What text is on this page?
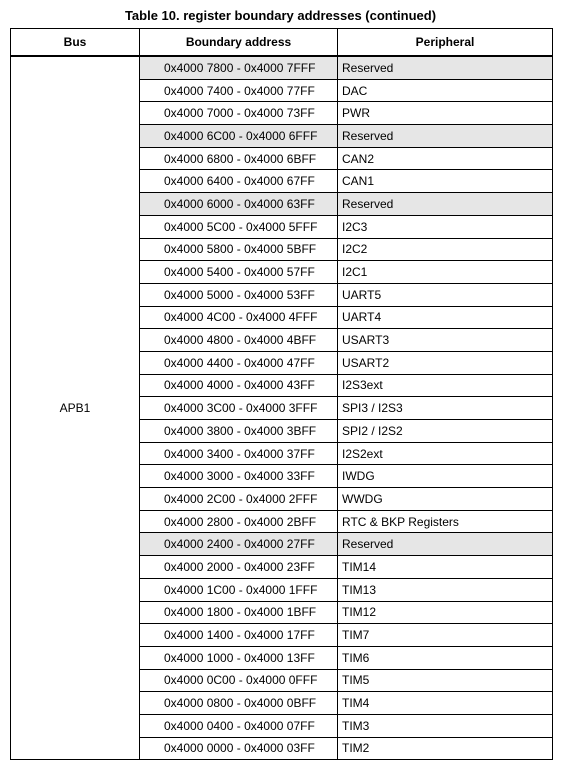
Table 10. register boundary addresses (continued)
Bus	Boundary address	Peripheral
APB1	0x4000 7800 - 0x4000 7FFF	Reserved
	0x4000 7400 - 0x4000 77FF	DAC
	0x4000 7000 - 0x4000 73FF	PWR
	0x4000 6C00 - 0x4000 6FFF	Reserved
	0x4000 6800 - 0x4000 6BFF	CAN2
	0x4000 6400 - 0x4000 67FF	CAN1
	0x4000 6000 - 0x4000 63FF	Reserved
	0x4000 5C00 - 0x4000 5FFF	I2C3
	0x4000 5800 - 0x4000 5BFF	I2C2
	0x4000 5400 - 0x4000 57FF	I2C1
	0x4000 5000 - 0x4000 53FF	UART5
	0x4000 4C00 - 0x4000 4FFF	UART4
	0x4000 4800 - 0x4000 4BFF	USART3
	0x4000 4400 - 0x4000 47FF	USART2
	0x4000 4000 - 0x4000 43FF	I2S3ext
	0x4000 3C00 - 0x4000 3FFF	SPI3 / I2S3
	0x4000 3800 - 0x4000 3BFF	SPI2 / I2S2
	0x4000 3400 - 0x4000 37FF	I2S2ext
	0x4000 3000 - 0x4000 33FF	IWDG
	0x4000 2C00 - 0x4000 2FFF	WWDG
	0x4000 2800 - 0x4000 2BFF	RTC & BKP Registers
	0x4000 2400 - 0x4000 27FF	Reserved
	0x4000 2000 - 0x4000 23FF	TIM14
	0x4000 1C00 - 0x4000 1FFF	TIM13
	0x4000 1800 - 0x4000 1BFF	TIM12
	0x4000 1400 - 0x4000 17FF	TIM7
	0x4000 1000 - 0x4000 13FF	TIM6
	0x4000 0C00 - 0x4000 0FFF	TIM5
	0x4000 0800 - 0x4000 0BFF	TIM4
	0x4000 0400 - 0x4000 07FF	TIM3
	0x4000 0000 - 0x4000 03FF	TIM2
